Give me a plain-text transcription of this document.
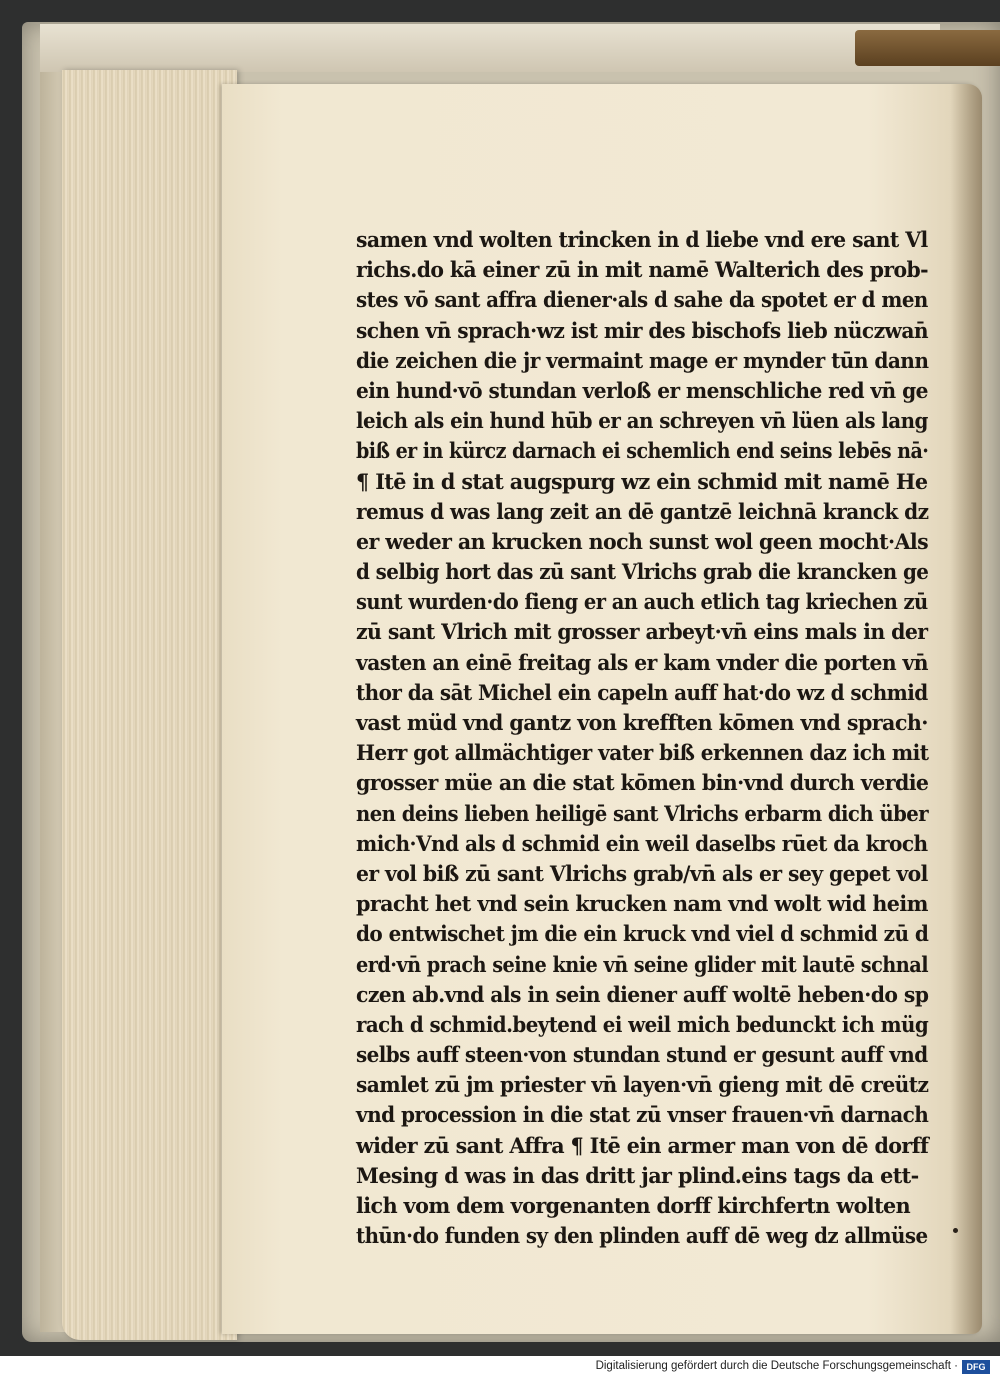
samen vnd wolten trincken in d liebe vnd ere sant Vl
richs.do kā einer zū in mit namē Walterich des prob‑
stes vō sant affra diener·als d sahe da spotet er d men
schen vn̄ sprach·wz ist mir des bischofs lieb nüczwan̄
die zeichen die jr vermaint mage er mynder tūn dann
ein hund·vō stundan verloß er menschliche red vn̄ ge
leich als ein hund hūb er an schreyen vn̄ lüen als lang
biß er in kürcz darnach ei schemlich end seins lebēs nā·
¶ Itē in d stat augspurg wz ein schmid mit namē He
remus d was lang zeit an dē gantzē leichnā kranck dz
er weder an krucken noch sunst wol geen mocht·Als
d selbig hort das zū sant Vlrichs grab die krancken ge
sunt wurden·do fieng er an auch etlich tag kriechen zū
zū sant Vlrich mit grosser arbeyt·vn̄ eins mals in der
vasten an einē freitag als er kam vnder die porten vn̄
thor da sāt Michel ein capeln auff hat·do wz d schmid
vast müd vnd gantz von krefften kōmen vnd sprach·
Herr got allmächtiger vater biß erkennen daz ich mit
grosser müe an die stat kōmen bin·vnd durch verdie
nen deins lieben heiligē sant Vlrichs erbarm dich über
mich·Vnd als d schmid ein weil daselbs rūet da kroch
er vol biß zū sant Vlrichs grab/vn̄ als er sey gepet vol
pracht het vnd sein krucken nam vnd wolt wid heim
do entwischet jm die ein kruck vnd viel d schmid zū d
erd·vn̄ prach seine knie vn̄ seine glider mit lautē schnal
czen ab.vnd als in sein diener auff woltē heben·do sp
rach d schmid.beytend ei weil mich bedunckt ich müg
selbs auff steen·von stundan stund er gesunt auff vnd
samlet zū jm priester vn̄ layen·vn̄ gieng mit dē creütz
vnd procession in die stat zū vnser frauen·vn̄ darnach
wider zū sant Affra ¶ Itē ein armer man von dē dorff
Mesing d was in das dritt jar plind.eins tags da ett‑
lich vom dem vorgenanten dorff kirchfertn wolten
thūn·do funden sy den plinden auff dē weg dz allmüse
Digitalisierung gefördert durch die Deutsche Forschungsgemeinschaft · DFG
